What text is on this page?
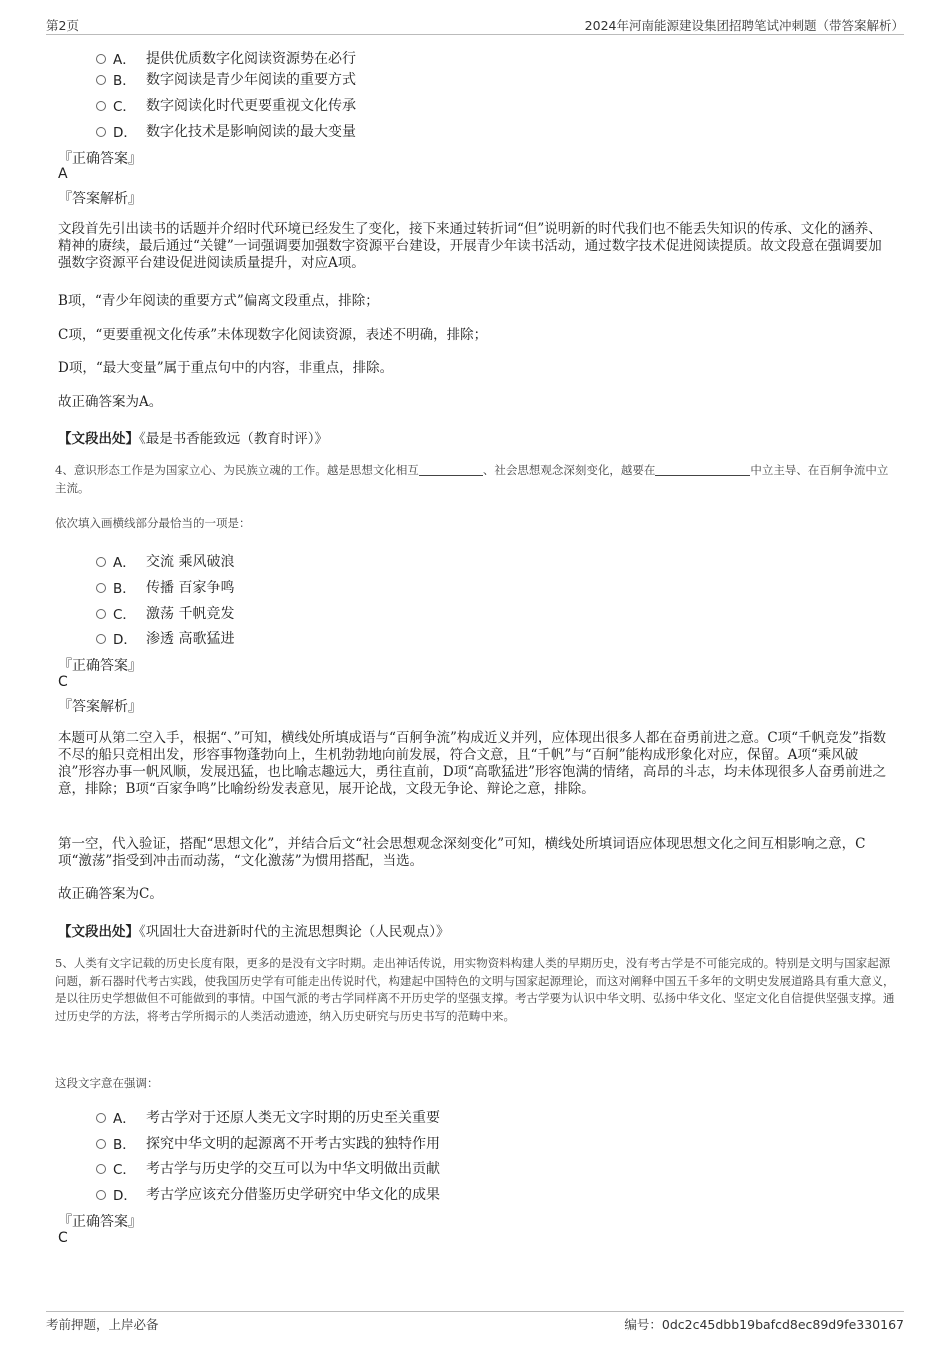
第2页	2024年河南能源建设集团招聘笔试冲刺题（带答案解析）
A． 提供优质数字化阅读资源势在必行
B． 数字阅读是青少年阅读的重要方式
C． 数字阅读化时代更要重视文化传承
D． 数字化技术是影响阅读的最大变量
『正确答案』
A
『答案解析』
文段首先引出读书的话题并介绍时代环境已经发生了变化，接下来通过转折词“但”说明新的时代我们也不能丢失知识的传承、文化的涵养、精神的赓续，最后通过“关键”一词强调要加强数字资源平台建设，开展青少年读书活动，通过数字技术促进阅读提质。故文段意在强调要加强数字资源平台建设促进阅读质量提升，对应A项。
B项，“青少年阅读的重要方式”偏离文段重点，排除；
C项，“更要重视文化传承”未体现数字化阅读资源，表述不明确，排除；
D项，“最大变量”属于重点句中的内容，非重点，排除。
故正确答案为A。
【文段出处】《最是书香能致远（教育时评）》
4、意识形态工作是为国家立心、为民族立魂的工作。越是思想文化相互	、社会思想观念深刻变化，越要在	中立主导、在百舸争流中立主流。
依次填入画横线部分最恰当的一项是：
A． 交流 乘风破浪
B． 传播 百家争鸣
C． 激荡 千帆竞发
D． 渗透 高歌猛进
『正确答案』
C
『答案解析』
本题可从第二空入手，根据“、”可知，横线处所填成语与“百舸争流”构成近义并列，应体现出很多人都在奋勇前进之意。C项“千帆竞发”指数不尽的船只竞相出发，形容事物蓬勃向上，生机勃勃地向前发展，符合文意，且“千帆”与“百舸”能构成形象化对应，保留。A项“乘风破浪”形容办事一帆风顺，发展迅猛，也比喻志趣远大，勇往直前，D项“高歌猛进”形容饱满的情绪，高昂的斗志，均未体现很多人奋勇前进之意，排除；B项“百家争鸣”比喻纷纷发表意见，展开论战，文段无争论、辩论之意，排除。
第一空，代入验证，搭配“思想文化”，并结合后文“社会思想观念深刻变化”可知，横线处所填词语应体现思想文化之间互相影响之意，C项“激荡”指受到冲击而动荡，“文化激荡”为惯用搭配，当选。
故正确答案为C。
【文段出处】《巩固壮大奋进新时代的主流思想舆论（人民观点）》
5、人类有文字记载的历史长度有限，更多的是没有文字时期。走出神话传说，用实物资料构建人类的早期历史，没有考古学是不可能完成的。特别是文明与国家起源问题，新石器时代考古实践，使我国历史学有可能走出传说时代，构建起中国特色的文明与国家起源理论，而这对阐释中国五千多年的文明史发展道路具有重大意义，是以往历史学想做但不可能做到的事情。中国气派的考古学同样离不开历史学的坚强支撑。考古学要为认识中华文明、弘扬中华文化、坚定文化自信提供坚强支撑。通过历史学的方法，将考古学所揭示的人类活动遗迹，纳入历史研究与历史书写的范畴中来。
这段文字意在强调：
A． 考古学对于还原人类无文字时期的历史至关重要
B． 探究中华文明的起源离不开考古实践的独特作用
C． 考古学与历史学的交互可以为中华文明做出贡献
D． 考古学应该充分借鉴历史学研究中华文化的成果
『正确答案』
C
考前押题，上岸必备	编号：0dc2c45dbb19bafcd8ec89d9fe330167
